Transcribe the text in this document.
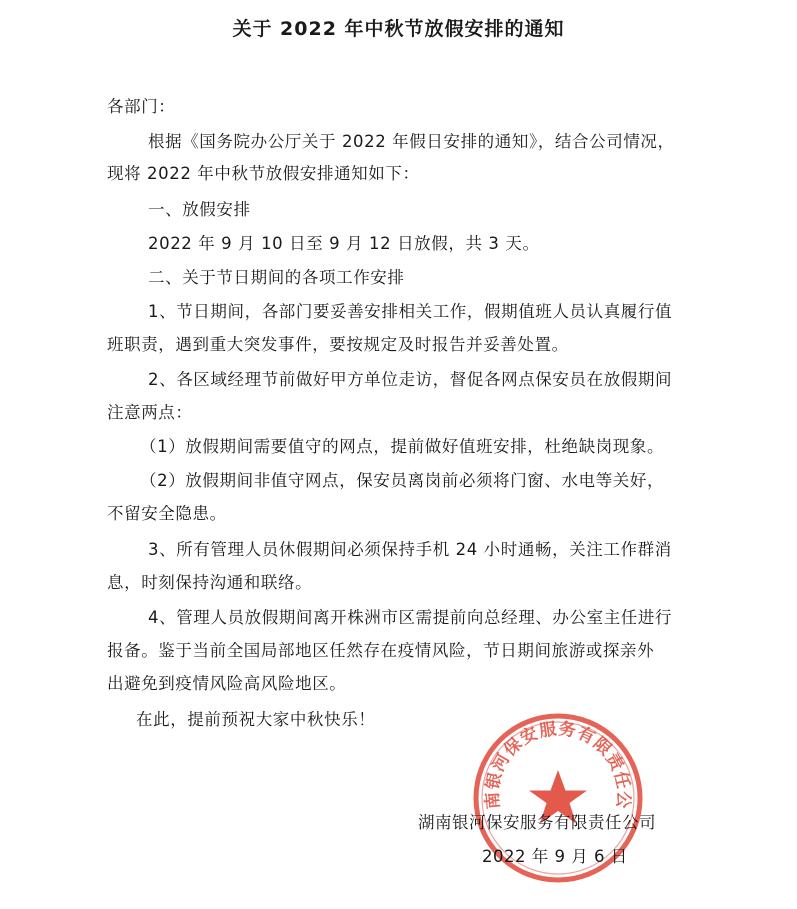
关于 2022 年中秋节放假安排的通知
各部门：
根据《国务院办公厅关于 2022 年假日安排的通知》，结合公司情况，
现将 2022 年中秋节放假安排通知如下：
一、放假安排
2022 年 9 月 10 日至 9 月 12 日放假，共 3 天。
二、关于节日期间的各项工作安排
1、节日期间，各部门要妥善安排相关工作，假期值班人员认真履行值
班职责，遇到重大突发事件，要按规定及时报告并妥善处置。
2、各区域经理节前做好甲方单位走访，督促各网点保安员在放假期间
注意两点：
（1）放假期间需要值守的网点，提前做好值班安排，杜绝缺岗现象。
（2）放假期间非值守网点，保安员离岗前必须将门窗、水电等关好，
不留安全隐患。
3、所有管理人员休假期间必须保持手机 24 小时通畅，关注工作群消
息，时刻保持沟通和联络。
4、管理人员放假期间离开株洲市区需提前向总经理、办公室主任进行
报备。鉴于当前全国局部地区任然存在疫情风险，节日期间旅游或探亲外
出避免到疫情风险高风险地区。
在此，提前预祝大家中秋快乐！
湖南银河保安服务有限责任公司
湖南银河保安服务有限责任公司
2022 年 9 月 6 日
